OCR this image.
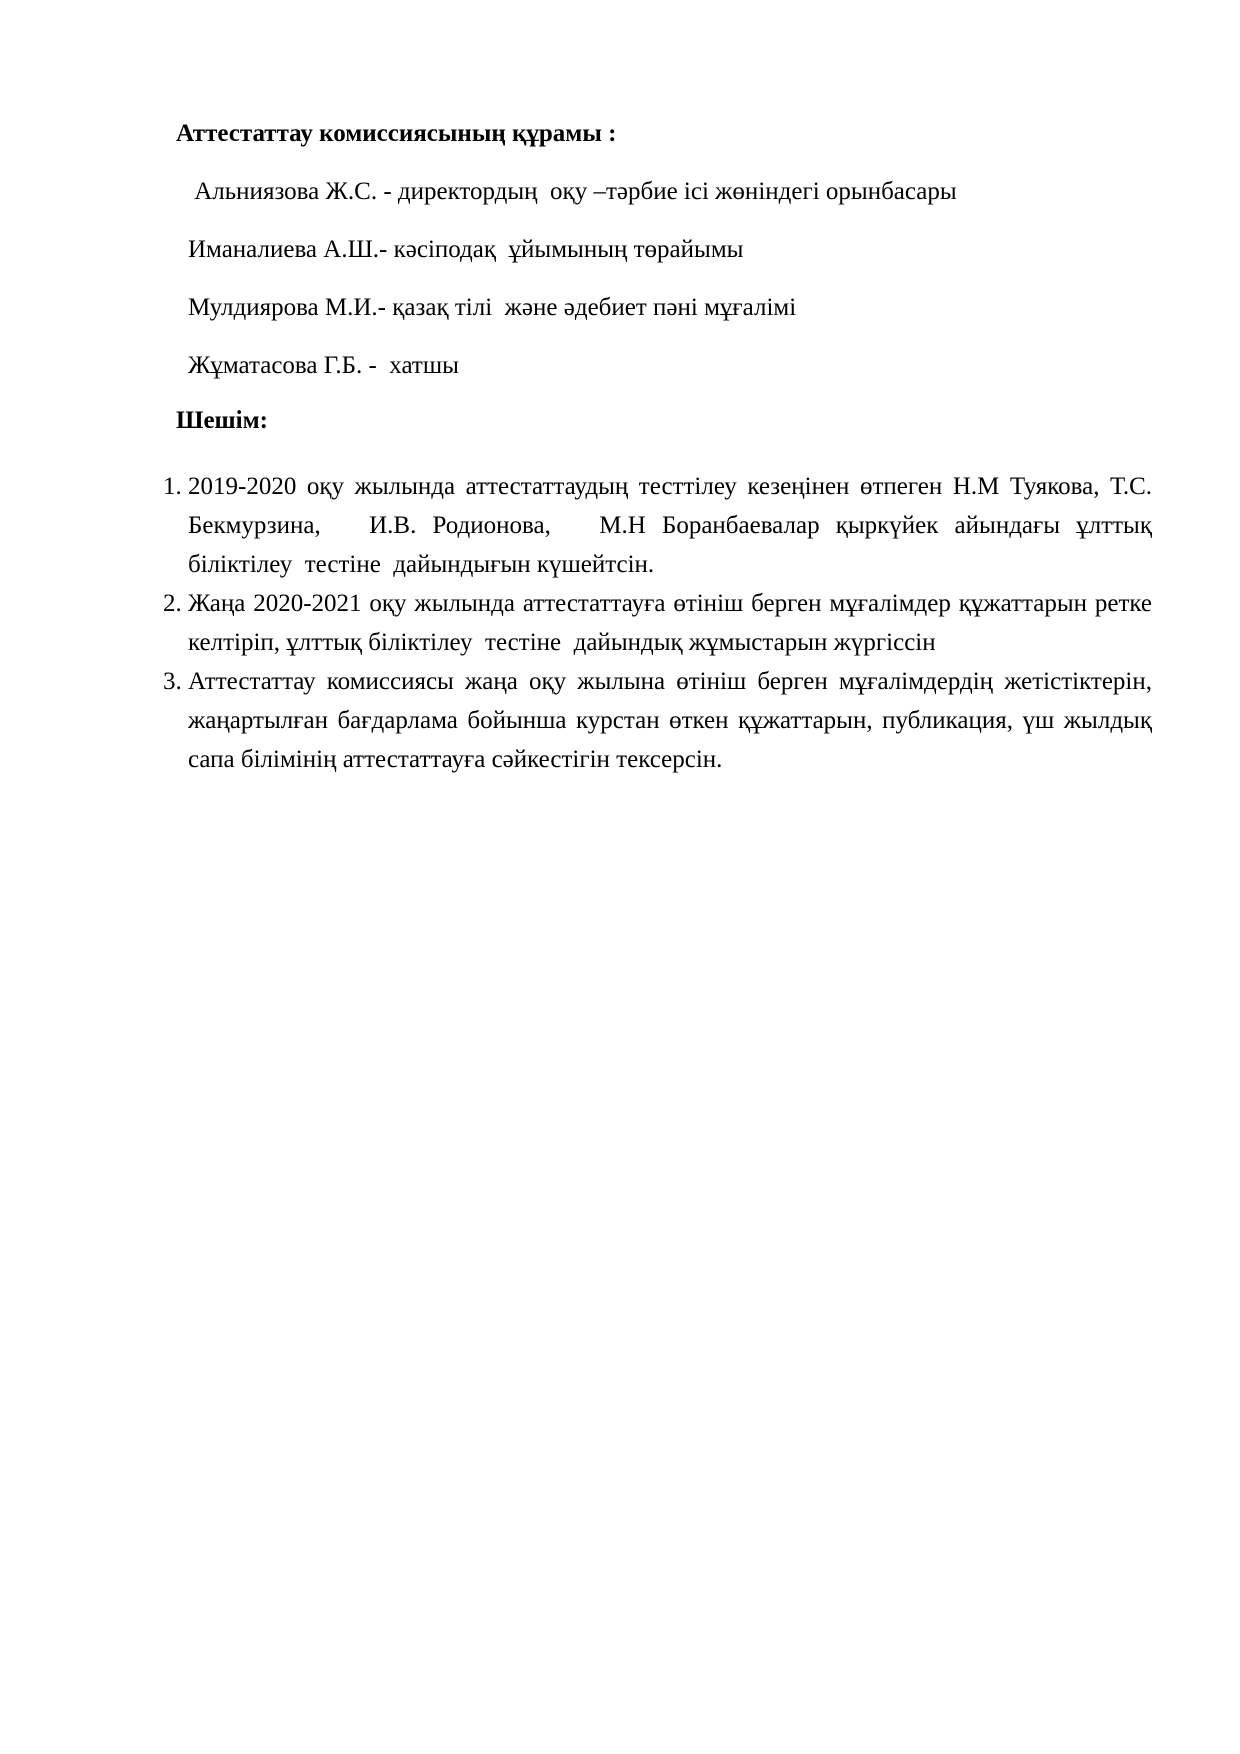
Аттестаттау комиссиясының құрамы :

Альниязова Ж.С. - директордың  оқу –тәрбие ісі жөніндегі орынбасары

Иманалиева А.Ш.- кәсіподақ  ұйымының төрайымы

Мулдиярова М.И.- қазақ тілі  және әдебиет пәні мұғалімі

Жұматасова Г.Б. -  хатшы

Шешім:
1. 2019-2020 оқу жылында аттестаттаудың тесттілеу кезеңінен өтпеген Н.М Туякова, Т.С. Бекмурзина,   И.В. Родионова,   М.Н Боранбаевалар қыркүйек айындағы ұлттық біліктілеу  тестіне  дайындығын күшейтсін.
2. Жаңа 2020-2021 оқу жылында аттестаттауға өтініш берген мұғалімдер құжаттарын ретке келтіріп, ұлттық біліктілеу  тестіне  дайындық жұмыстарын жүргіссін
3. Аттестаттау комиссиясы жаңа оқу жылына өтініш берген мұғалімдердің жетістіктерін, жаңартылған бағдарлама бойынша курстан өткен құжаттарын, публикация, үш жылдық сапа білімінің аттестаттауға сәйкестігін тексерсін.
